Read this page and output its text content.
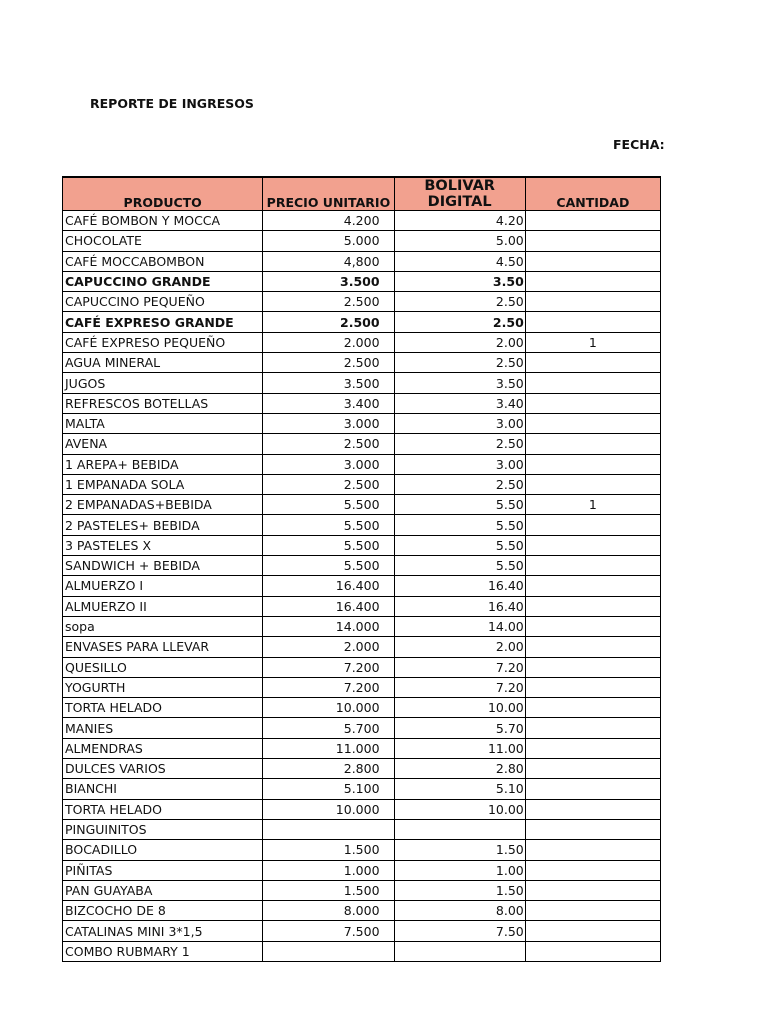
REPORTE DE INGRESOS
FECHA:
PRODUCTO	PRECIO UNITARIO	BOLIVAR DIGITAL	CANTIDAD
CAFÉ BOMBON Y MOCCA	4.200	4.20	
CHOCOLATE	5.000	5.00	
CAFÉ MOCCABOMBON	4,800	4.50	
CAPUCCINO GRANDE	3.500	3.50	
CAPUCCINO PEQUEÑO	2.500	2.50	
CAFÉ EXPRESO GRANDE	2.500	2.50	
CAFÉ EXPRESO PEQUEÑO	2.000	2.00	1
AGUA MINERAL	2.500	2.50	
JUGOS	3.500	3.50	
REFRESCOS BOTELLAS	3.400	3.40	
MALTA	3.000	3.00	
AVENA	2.500	2.50	
1 AREPA+ BEBIDA	3.000	3.00	
1 EMPANADA SOLA	2.500	2.50	
2 EMPANADAS+BEBIDA	5.500	5.50	1
2 PASTELES+ BEBIDA	5.500	5.50	
3 PASTELES X	5.500	5.50	
SANDWICH + BEBIDA	5.500	5.50	
ALMUERZO I	16.400	16.40	
ALMUERZO II	16.400	16.40	
sopa	14.000	14.00	
ENVASES PARA LLEVAR	2.000	2.00	
QUESILLO	7.200	7.20	
YOGURTH	7.200	7.20	
TORTA HELADO	10.000	10.00	
MANIES	5.700	5.70	
ALMENDRAS	11.000	11.00	
DULCES VARIOS	2.800	2.80	
BIANCHI	5.100	5.10	
TORTA HELADO	10.000	10.00	
PINGUINITOS			
BOCADILLO	1.500	1.50	
PIÑITAS	1.000	1.00	
PAN GUAYABA	1.500	1.50	
BIZCOCHO DE 8	8.000	8.00	
CATALINAS MINI 3*1,5	7.500	7.50	
COMBO RUBMARY 1			
